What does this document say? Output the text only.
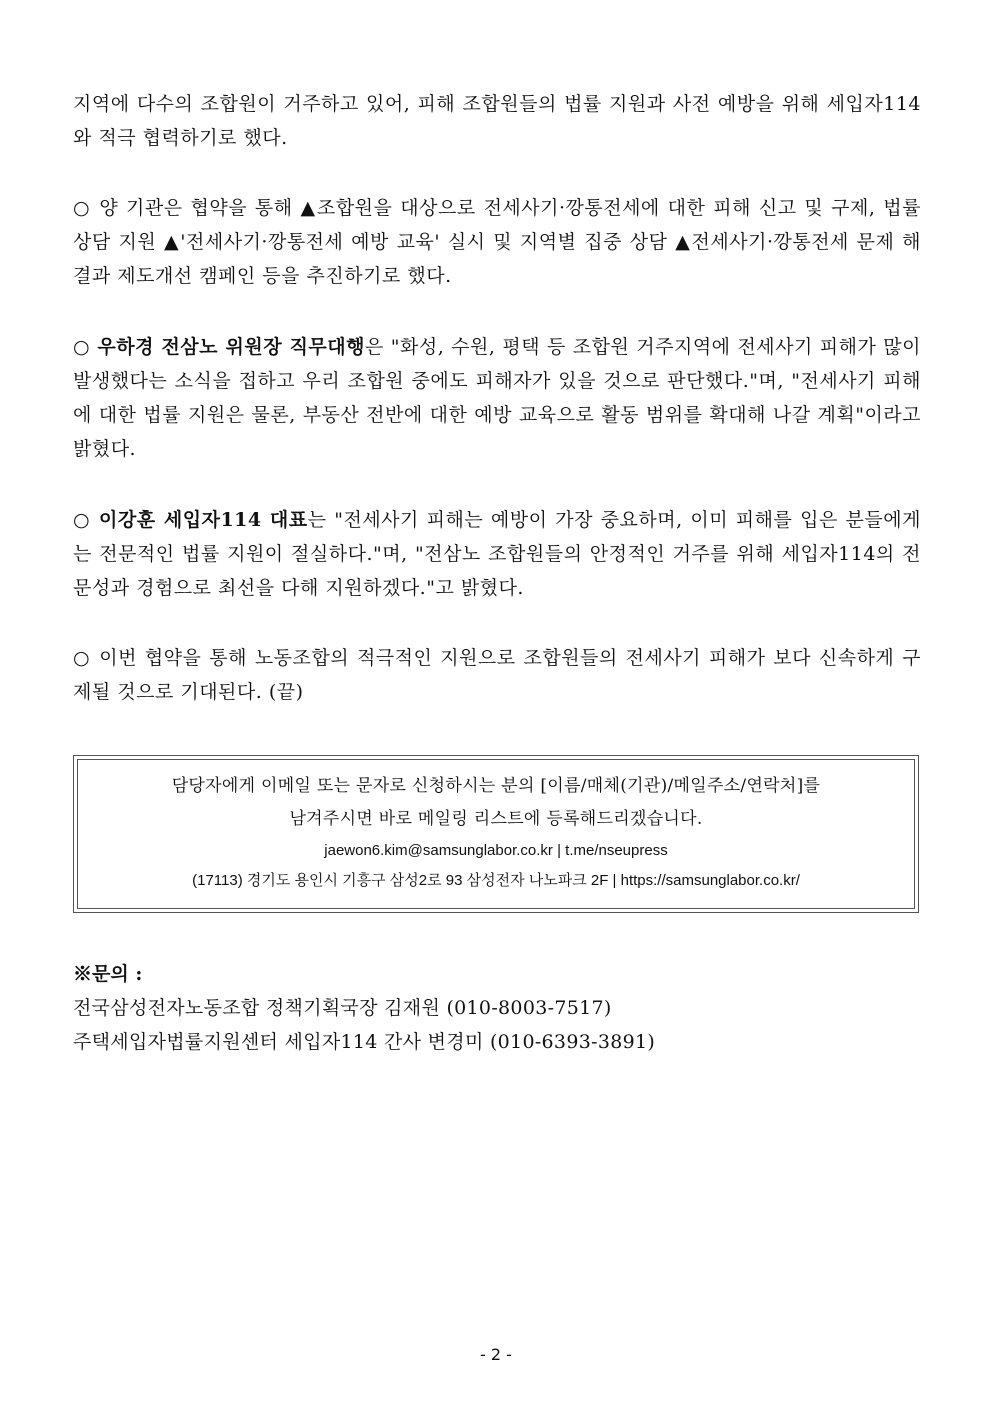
지역에 다수의 조합원이 거주하고 있어, 피해 조합원들의 법률 지원과 사전 예방을 위해 세입자114와 적극 협력하기로 했다.

○ 양 기관은 협약을 통해 ▲조합원을 대상으로 전세사기·깡통전세에 대한 피해 신고 및 구제, 법률 상담 지원 ▲'전세사기·깡통전세 예방 교육' 실시 및 지역별 집중 상담 ▲전세사기·깡통전세 문제 해결과 제도개선 캠페인 등을 추진하기로 했다.

○ 우하경 전삼노 위원장 직무대행은 "화성, 수원, 평택 등 조합원 거주지역에 전세사기 피해가 많이 발생했다는 소식을 접하고 우리 조합원 중에도 피해자가 있을 것으로 판단했다."며, "전세사기 피해에 대한 법률 지원은 물론, 부동산 전반에 대한 예방 교육으로 활동 범위를 확대해 나갈 계획"이라고 밝혔다.

○ 이강훈 세입자114 대표는 "전세사기 피해는 예방이 가장 중요하며, 이미 피해를 입은 분들에게는 전문적인 법률 지원이 절실하다."며, "전삼노 조합원들의 안정적인 거주를 위해 세입자114의 전문성과 경험으로 최선을 다해 지원하겠다."고 밝혔다.

○ 이번 협약을 통해 노동조합의 적극적인 지원으로 조합원들의 전세사기 피해가 보다 신속하게 구제될 것으로 기대된다. (끝)

담당자에게 이메일 또는 문자로 신청하시는 분의 [이름/매체(기관)/메일주소/연락처]를
남겨주시면 바로 메일링 리스트에 등록해드리겠습니다.
jaewon6.kim@samsunglabor.co.kr | t.me/nseupress
(17113) 경기도 용인시 기흥구 삼성2로 93 삼성전자 나노파크 2F | https://samsunglabor.co.kr/
※문의 :
전국삼성전자노동조합 정책기획국장 김재원 (010-8003-7517)
주택세입자법률지원센터 세입자114 간사 변경미 (010-6393-3891)
- 2 -
